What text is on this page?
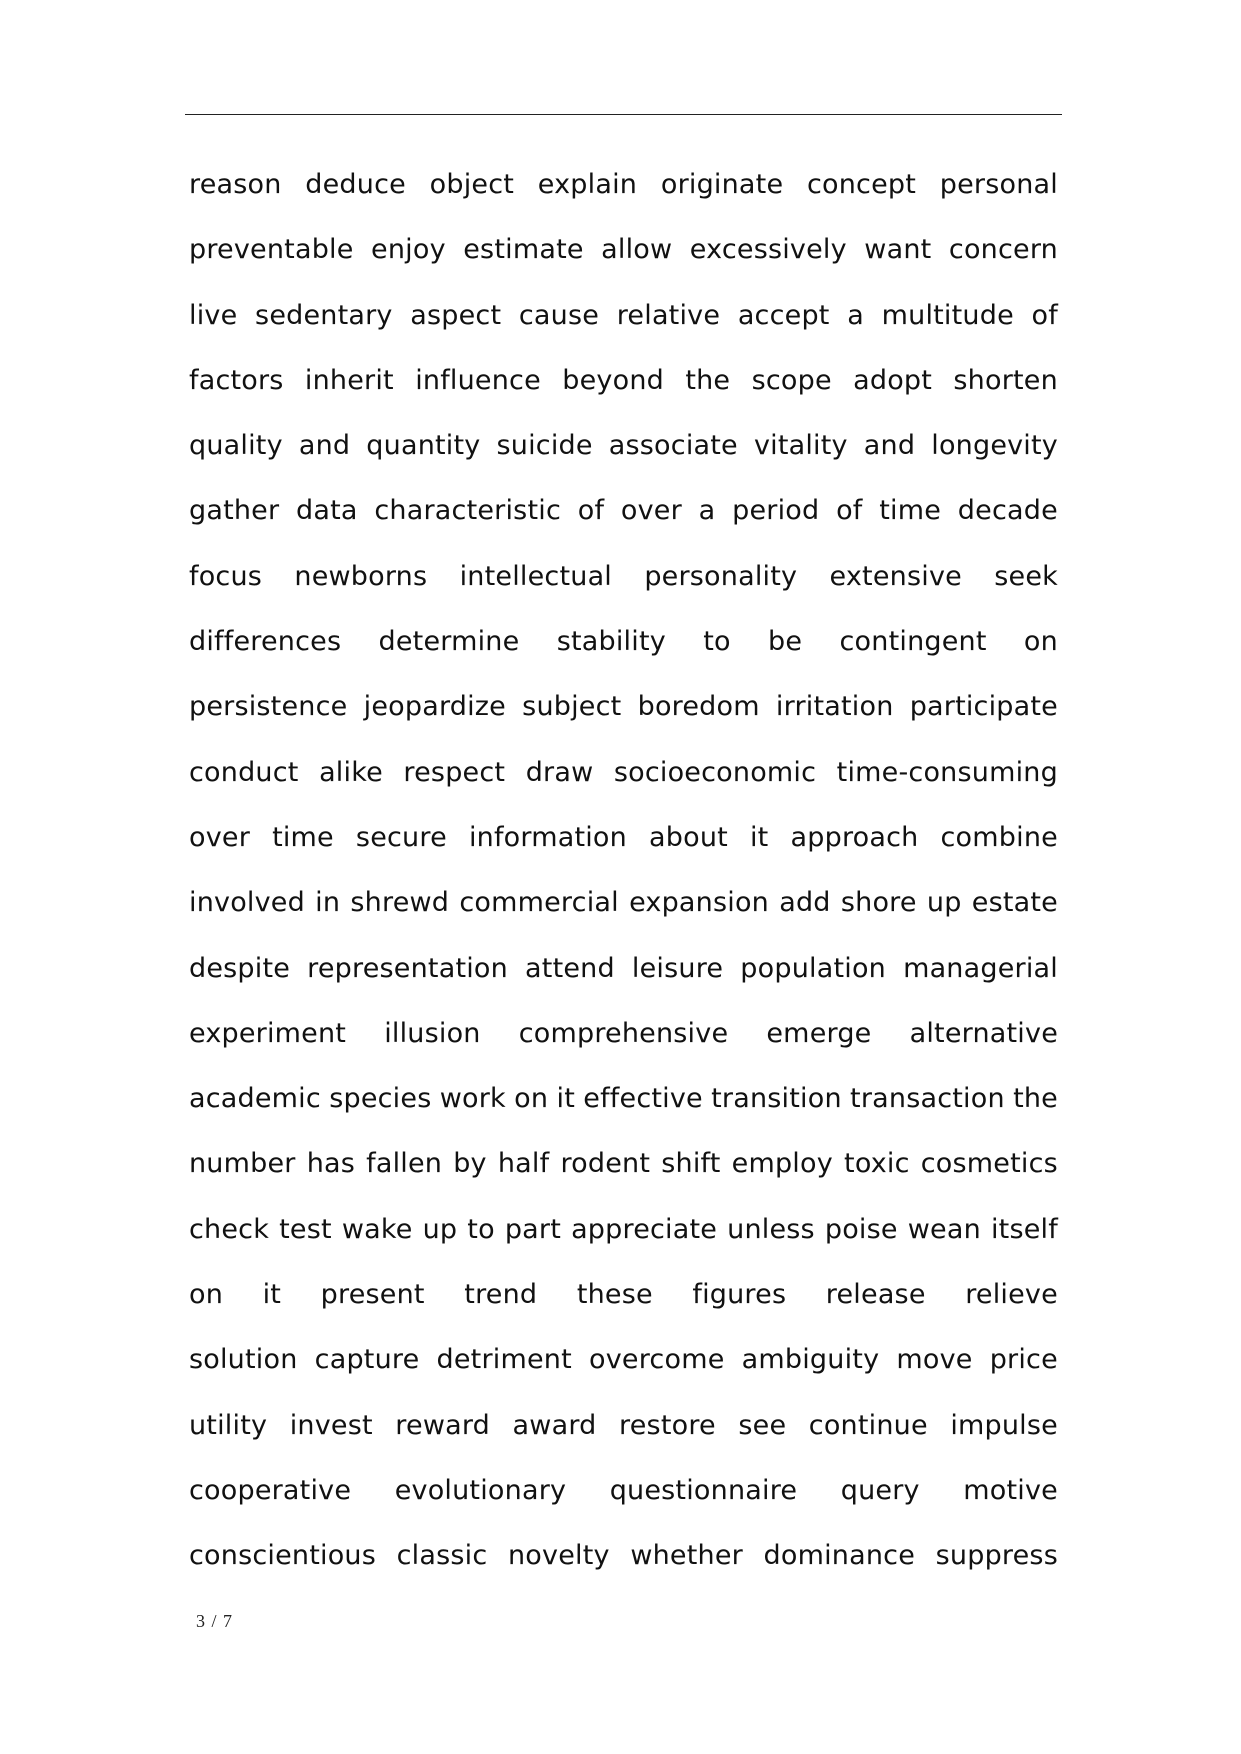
reason deduce object explain originate concept personal
preventable enjoy estimate allow excessively want concern
live sedentary aspect cause relative accept a multitude of
factors inherit influence beyond the scope adopt shorten
quality and quantity suicide associate vitality and longevity
gather data characteristic of over a period of time decade
focus newborns intellectual personality extensive seek
differences determine stability to be contingent on
persistence jeopardize subject boredom irritation participate
conduct alike respect draw socioeconomic time-consuming
over time secure information about it approach combine
involved in shrewd commercial expansion add shore up estate
despite representation attend leisure population managerial
experiment illusion comprehensive emerge alternative
academic species work on it effective transition transaction the
number has fallen by half rodent shift employ toxic cosmetics
check test wake up to part appreciate unless poise wean itself
on it present trend these figures release relieve
solution capture detriment overcome ambiguity move price
utility invest reward award restore see continue impulse
cooperative evolutionary questionnaire query motive
conscientious classic novelty whether dominance suppress
3 / 7
